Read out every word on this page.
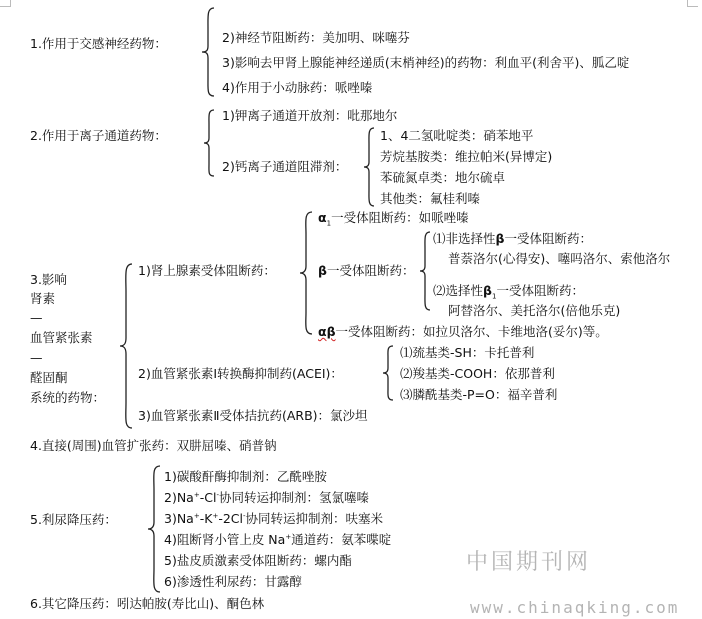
1.作用于交感神经药物：	2)神经节阻断药：美加明、咪噻芬
3)影响去甲肾上腺能神经递质(末梢神经)的药物：利血平(利舍平)、胍乙啶
4)作用于小动脉药：哌唑嗪
2.作用于离子通道药物：
1)钾离子通道开放剂：吡那地尔
2)钙离子通道阻滞剂：
1、4二氢吡啶类：硝苯地平
芳烷基胺类：维拉帕米(异博定)
苯硫氮卓类：地尔硫卓
其他类：氟桂利嗪
3.影响
肾素
—
血管紧张素
—
醛固酮
系统的药物：
1)肾上腺素受体阻断药：
$\alpha_1$一受体阻断药：如哌唑嗪
β一受体阻断药：
⑴非选择性β一受体阻断药：
普萘洛尔(心得安)、噻吗洛尔、索他洛尔
⑵选择性$\beta_1$一受体阻断药：
阿替洛尔、美托洛尔(倍他乐克)
αβ一受体阻断药：如拉贝洛尔、卡维地洛(妥尔)等。
2)血管紧张素Ⅰ转换酶抑制药(ACEI)：
⑴巯基类-SH：卡托普利
⑵羧基类-COOH：依那普利
⑶膦酰基类-P=O：福辛普利
3)血管紧张素Ⅱ受体拮抗药(ARB)：氯沙坦
4.直接(周围)血管扩张药：双肼屈嗪、硝普钠
5.利尿降压药：
1)碳酸酐酶抑制剂：乙酰唑胺
2)Na+-Cl-协同转运抑制剂：氢氯噻嗪
3)Na+-K+-2Cl-协同转运抑制剂：呋塞米
4)阻断肾小管上皮 Na+通道药：氨苯喋啶
5)盐皮质激素受体阻断药：螺内酯
6)渗透性利尿药：甘露醇
6.其它降压药：吲达帕胺(寿比山)、酮色林
中国期刊网
www.chinaqking.com
